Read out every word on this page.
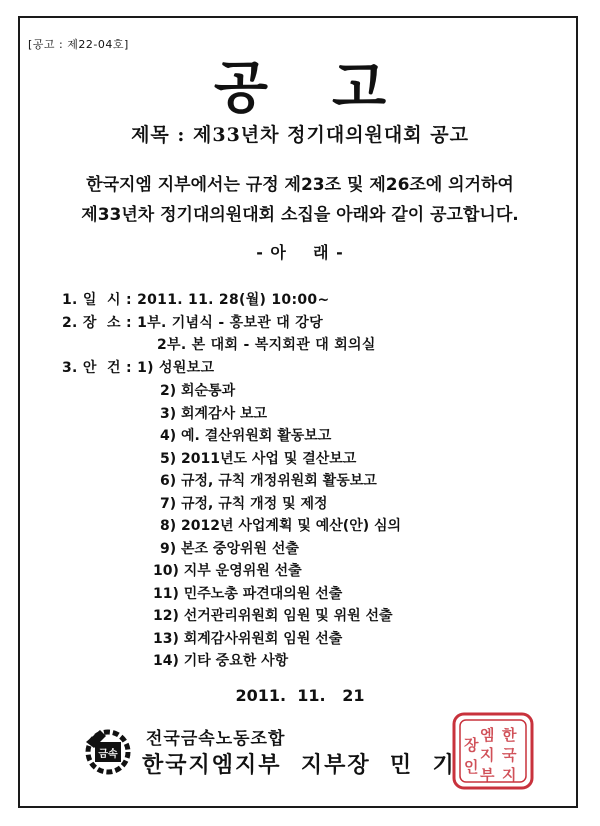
[공고 : 제22-04호]
공고
제목 : 제33년차 정기대의원대회 공고
한국지엠 지부에서는 규정 제23조 및 제26조에 의거하여
제33년차 정기대의원대회 소집을 아래와 같이 공고합니다.
- 아    래 -
1. 일  시 : 2011. 11. 28(월) 10:00~
2. 장  소 : 1부. 기념식 - 홍보관 대 강당
2부. 본 대회 - 복지회관 대 회의실
3. 안  건 : 1) 성원보고
2) 회순통과
3) 회계감사 보고
4) 예. 결산위원회 활동보고
5) 2011년도 사업 및 결산보고
6) 규정, 규칙 개정위원회 활동보고
7) 규정, 규칙 개정 및 제정
8) 2012년 사업계획 및 예산(안) 심의
9) 본조 중앙위원 선출
10) 지부 운영위원 선출
11) 민주노총 파견대의원 선출
12) 선거관리위원회 임원 및 위원 선출
13) 회계감사위원회 임원 선출
14) 기타 중요한 사항
2011.  11.   21
금속
전국금속노동조합
한국지엠지부  지부장  민  기
한 국 지엠 지 부장 인
